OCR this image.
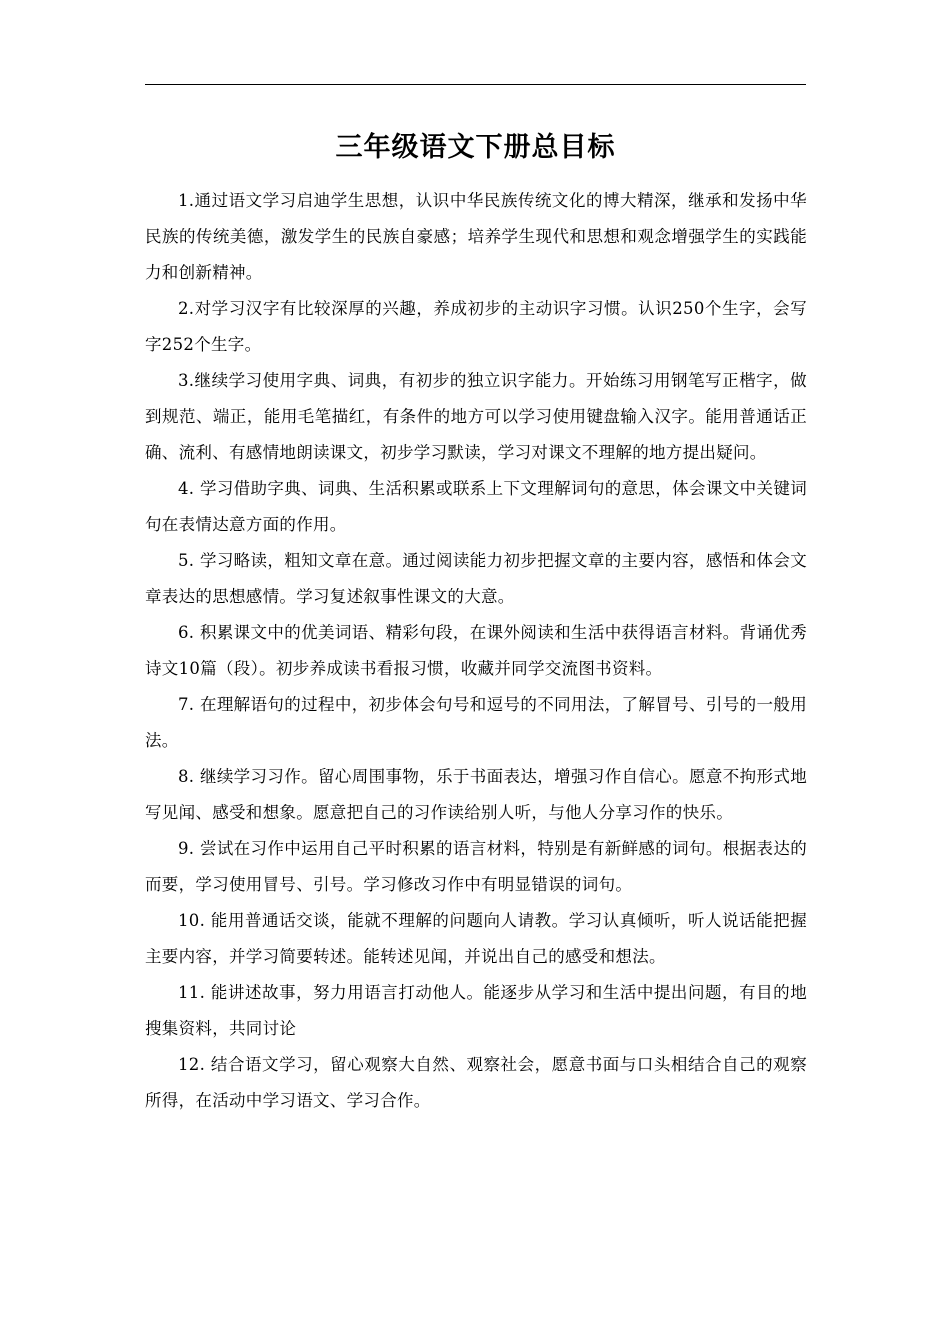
三年级语文下册总目标

1.通过语文学习启迪学生思想，认识中华民族传统文化的博大精深，继承和发扬中华民族的传统美德，激发学生的民族自豪感；培养学生现代和思想和观念增强学生的实践能力和创新精神。

2.对学习汉字有比较深厚的兴趣，养成初步的主动识字习惯。认识250个生字，会写字252个生字。

3.继续学习使用字典、词典，有初步的独立识字能力。开始练习用钢笔写正楷字，做到规范、端正，能用毛笔描红，有条件的地方可以学习使用键盘输入汉字。能用普通话正确、流利、有感情地朗读课文，初步学习默读，学习对课文不理解的地方提出疑问。

4. 学习借助字典、词典、生活积累或联系上下文理解词句的意思，体会课文中关键词句在表情达意方面的作用。

5. 学习略读，粗知文章在意。通过阅读能力初步把握文章的主要内容，感悟和体会文章表达的思想感情。学习复述叙事性课文的大意。

6. 积累课文中的优美词语、精彩句段，在课外阅读和生活中获得语言材料。背诵优秀诗文10篇（段）。初步养成读书看报习惯，收藏并同学交流图书资料。

7. 在理解语句的过程中，初步体会句号和逗号的不同用法，了解冒号、引号的一般用法。

8. 继续学习习作。留心周围事物，乐于书面表达，增强习作自信心。愿意不拘形式地写见闻、感受和想象。愿意把自己的习作读给别人听，与他人分享习作的快乐。

9. 尝试在习作中运用自己平时积累的语言材料，特别是有新鲜感的词句。根据表达的而要，学习使用冒号、引号。学习修改习作中有明显错误的词句。

10. 能用普通话交谈，能就不理解的问题向人请教。学习认真倾听，听人说话能把握主要内容，并学习简要转述。能转述见闻，并说出自己的感受和想法。

11. 能讲述故事，努力用语言打动他人。能逐步从学习和生活中提出问题，有目的地搜集资料，共同讨论

12. 结合语文学习，留心观察大自然、观察社会，愿意书面与口头相结合自己的观察所得，在活动中学习语文、学习合作。
